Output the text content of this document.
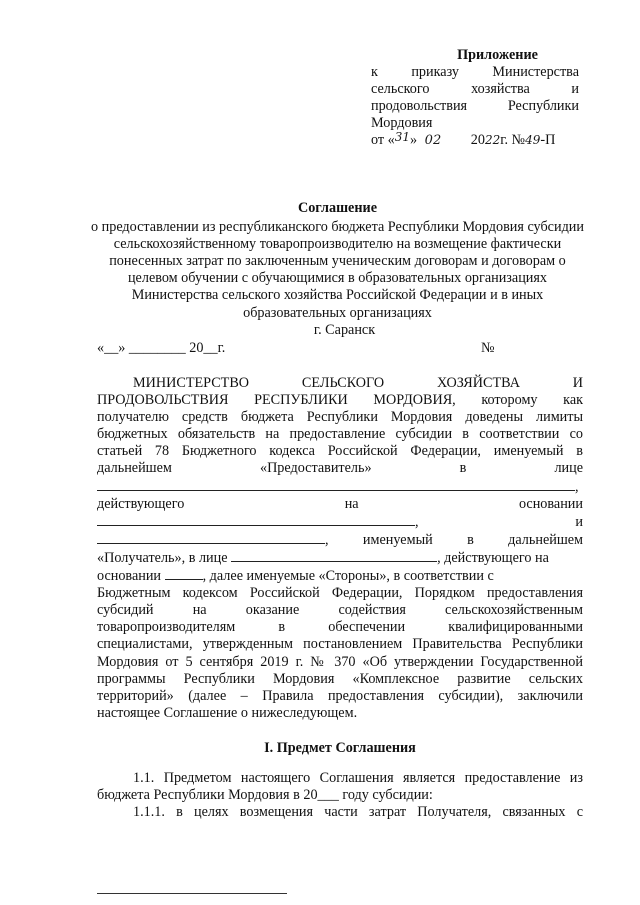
Приложение
к приказу Министерства
сельского	хозяйства	и
продовольствия	Республики
Мордовия
от «$^{31}$» 02 2022г. №49-П
Соглашение
о предоставлении из республиканского бюджета Республики Мордовия субсидии сельскохозяйственному товаропроизводителю на возмещение фактически понесенных затрат по заключенным ученическим договорам и договорам о целевом обучении с обучающимися в образовательных организациях Министерства сельского хозяйства Российской Федерации и в иных образовательных организациях
г. Саранск
«__» ________ 20__г.	№
МИНИСТЕРСТВО	СЕЛЬСКОГО	ХОЗЯЙСТВА	И
ПРОДОВОЛЬСТВИЯ РЕСПУБЛИКИ МОРДОВИЯ, которому как
получателю средств бюджета Республики Мордовия доведены лимиты
бюджетных обязательств на предоставление субсидии в соответствии со
статьей 78 Бюджетного кодекса Российской Федерации, именуемый в
дальнейшем	«Предоставитель»	в	лице
,
действующего	на	основании
,	и
, именуемый в дальнейшем
«Получатель», в лице	, действующего на
основании	, далее именуемые «Стороны», в соответствии с
Бюджетным кодексом Российской Федерации, Порядком предоставления
субсидий	на	оказание	содействия	сельскохозяйственным
товаропроизводителям	в	обеспечении	квалифицированными
специалистами, утвержденным постановлением Правительства Республики
Мордовия от 5 сентября 2019 г. № 370 «Об утверждении Государственной
программы Республики Мордовия «Комплексное развитие сельских
территорий» (далее – Правила предоставления субсидии), заключили
настоящее Соглашение о нижеследующем.
I. Предмет Соглашения
1.1. Предметом настоящего Соглашения является предоставление из
бюджета Республики Мордовия в 20___ году субсидии:
1.1.1. в целях возмещения части затрат Получателя, связанных с
